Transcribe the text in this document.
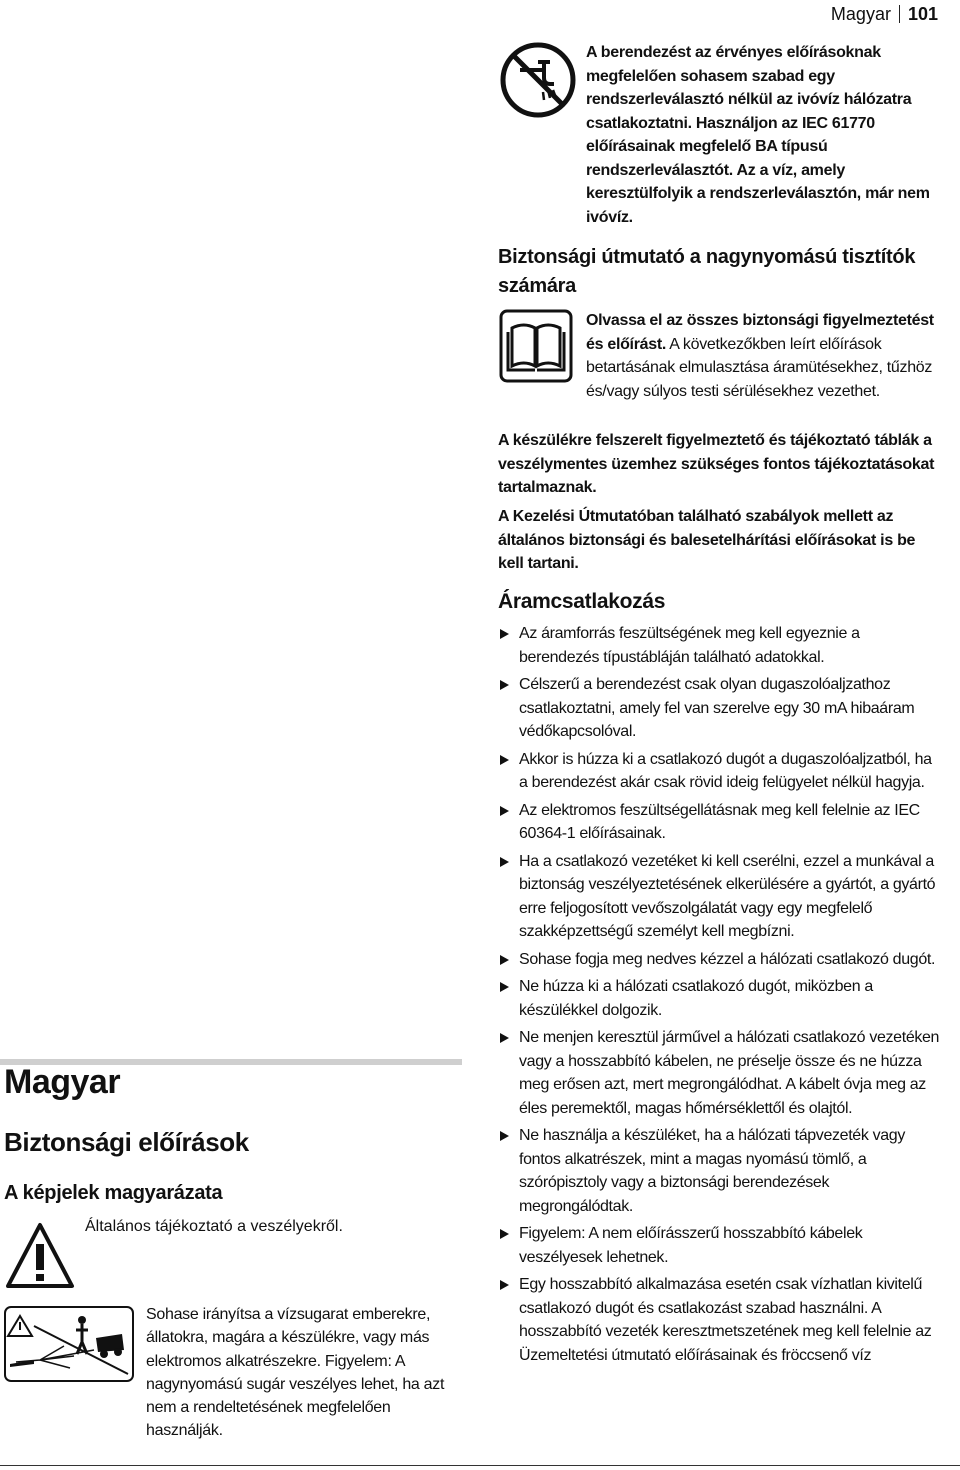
Magyar 101
A berendezést az érvényes előírásoknak megfelelően sohasem szabad egy rendszerleválasztó nélkül az ivóvíz hálózatra csatlakoztatni. Használjon az IEC 61770 előírásainak megfelelő BA típusú rendszerleválasztót. Az a víz, amely keresztülfolyik a rendszerleválasztón, már nem ivóvíz.
Biztonsági útmutató a nagynyomású tisztítók számára
Olvassa el az összes biztonsági figyelmeztetést és előírást. A következőkben leírt előírások betartásának elmulasztása áramütésekhez, tűzhöz és/vagy súlyos testi sérülésekhez vezethet.
A készülékre felszerelt figyelmeztető és tájékoztató táblák a veszélymentes üzemhez szükséges fontos tájékoztatásokat tartalmaznak.
A Kezelési Útmutatóban található szabályok mellett az általános biztonsági és balesetelhárítási előírásokat is be kell tartani.
Áramcsatlakozás
Az áramforrás feszültségének meg kell egyeznie a berendezés típustábláján található adatokkal.
Célszerű a berendezést csak olyan dugaszolóaljzathoz csatlakoztatni, amely fel van szerelve egy 30 mA hibaáram védőkapcsolóval.
Akkor is húzza ki a csatlakozó dugót a dugaszolóaljzatból, ha a berendezést akár csak rövid ideig felügyelet nélkül hagyja.
Az elektromos feszültségellátásnak meg kell felelnie az IEC 60364-1 előírásainak.
Ha a csatlakozó vezetéket ki kell cserélni, ezzel a munkával a biztonság veszélyeztetésének elkerülésére a gyártót, a gyártó erre feljogosított vevőszolgálatát vagy egy megfelelő szakképzettségű személyt kell megbízni.
Sohase fogja meg nedves kézzel a hálózati csatlakozó dugót.
Ne húzza ki a hálózati csatlakozó dugót, miközben a készülékkel dolgozik.
Ne menjen keresztül járművel a hálózati csatlakozó vezetéken vagy a hosszabbító kábelen, ne préselje össze és ne húzza meg erősen azt, mert megrongálódhat. A kábelt óvja meg az éles peremektől, magas hőmérséklettől és olajtól.
Ne használja a készüléket, ha a hálózati tápvezeték vagy fontos alkatrészek, mint a magas nyomású tömlő, a szórópisztoly vagy a biztonsági berendezések megrongálódtak.
Figyelem: A nem előírásszerű hosszabbító kábelek veszélyesek lehetnek.
Egy hosszabbító alkalmazása esetén csak vízhatlan kivitelű csatlakozó dugót és csatlakozást szabad használni. A hosszabbító vezeték keresztmetszetének meg kell felelnie az Üzemeltetési útmutató előírásainak és fröccsenő víz
Magyar
Biztonsági előírások
A képjelek magyarázata
Általános tájékoztató a veszélyekről.
Sohase irányítsa a vízsugarat emberekre, állatokra, magára a készülékre, vagy más elektromos alkatrészekre. Figyelem: A nagynyomású sugár veszélyes lehet, ha azt nem a rendeltetésének megfelelően használják.
